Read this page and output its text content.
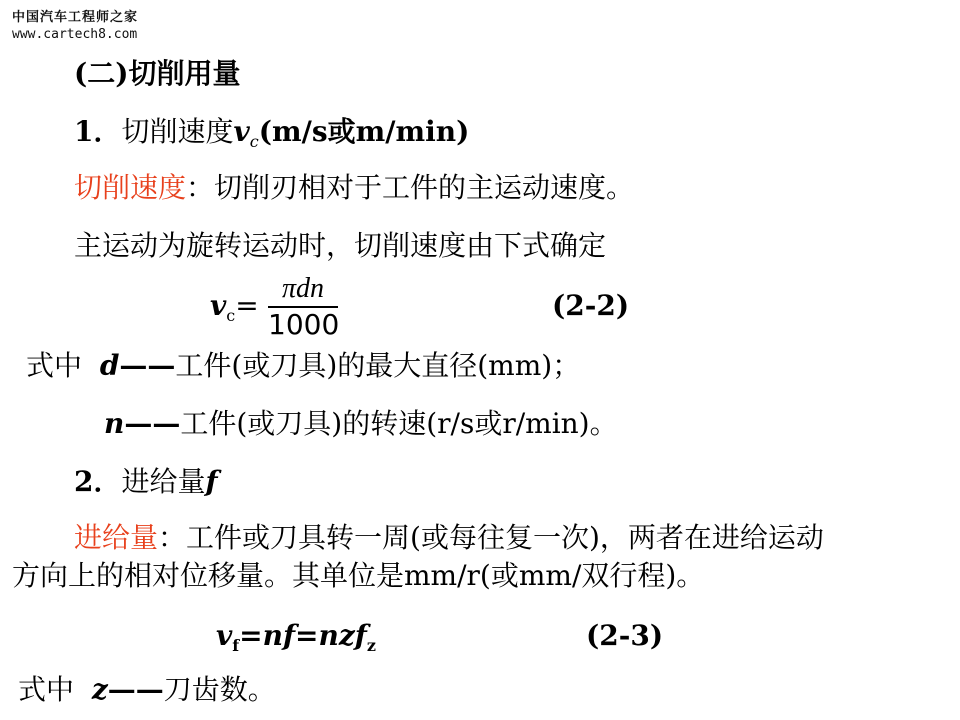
中国汽车工程师之家
www.cartech8.com
(二)切削用量
1．切削速度$v_c(m/s$或m/min)
切削速度：切削刃相对于工件的主运动速度。
主运动为旋转运动时，切削速度由下式确定
$v_c=$
πdn
1000
(2-2)
式中 d——工件(或刀具)的最大直径(mm)；
n——工件(或刀具)的转速(r/s或r/min)。
2．进给量f
进给量：工件或刀具转一周(或每往复一次)，两者在进给运动
方向上的相对位移量。其单位是mm/r(或mm/双行程)。
$v_f=nf=nzf_z$	(2-3)
式中 z——刀齿数。
